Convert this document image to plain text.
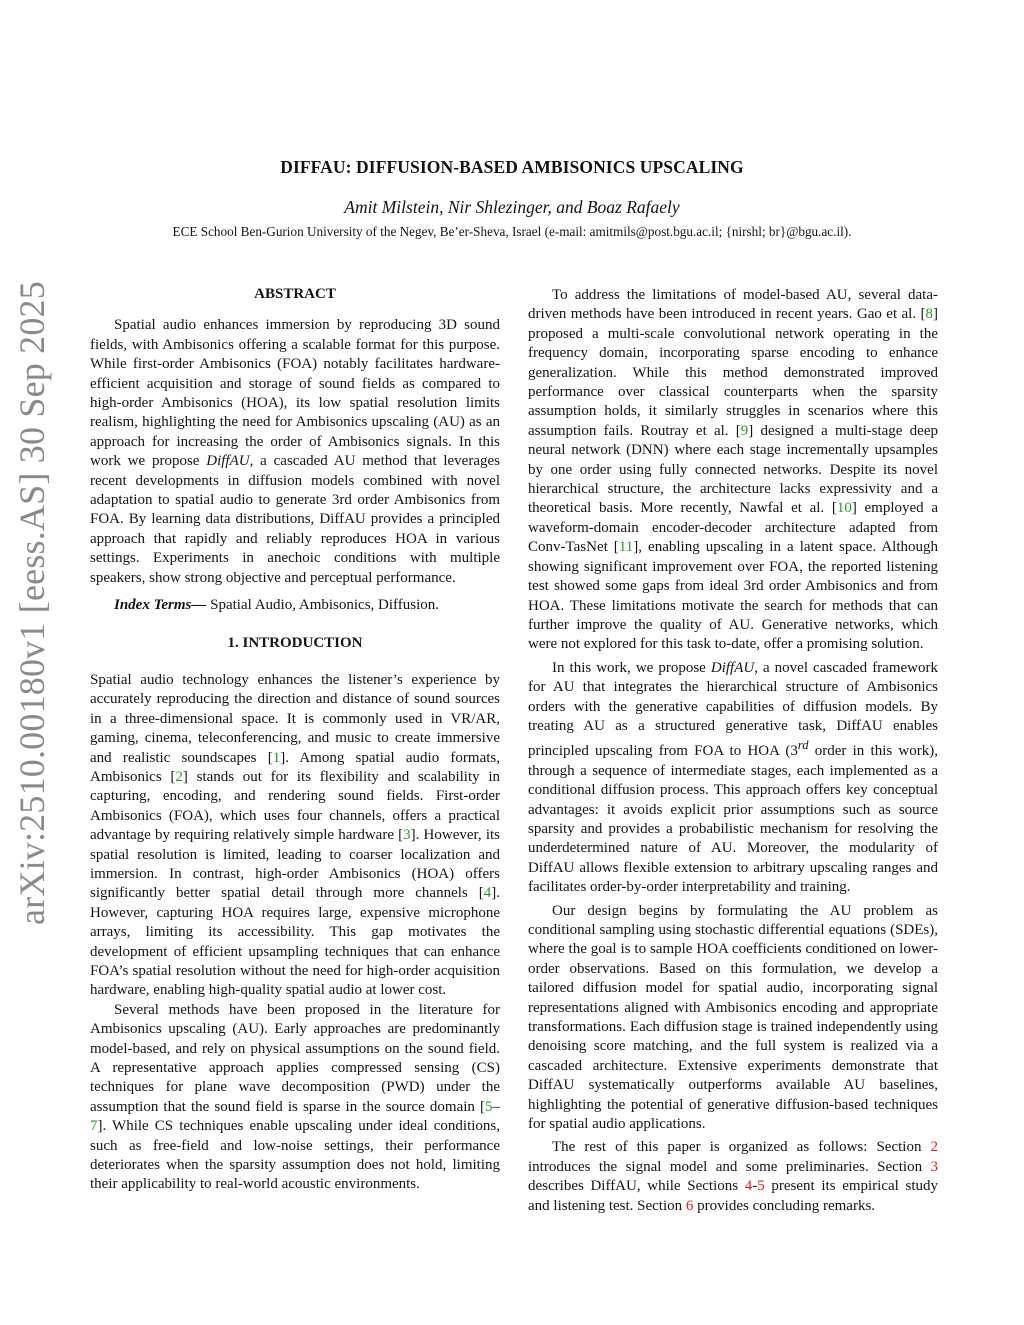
arXiv:2510.00180v1 [eess.AS] 30 Sep 2025
DIFFAU: DIFFUSION-BASED AMBISONICS UPSCALING
Amit Milstein, Nir Shlezinger, and Boaz Rafaely
ECE School Ben-Gurion University of the Negev, Be’er-Sheva, Israel (e-mail: amitmils@post.bgu.ac.il; {nirshl; br}@bgu.ac.il).
ABSTRACT

Spatial audio enhances immersion by reproducing 3D sound fields, with Ambisonics offering a scalable format for this purpose. While first-order Ambisonics (FOA) notably facilitates hardware-efficient acquisition and storage of sound fields as compared to high-order Ambisonics (HOA), its low spatial resolution limits realism, highlighting the need for Ambisonics upscaling (AU) as an approach for increasing the order of Ambisonics signals. In this work we propose DiffAU, a cascaded AU method that leverages recent developments in diffusion models combined with novel adaptation to spatial audio to generate 3rd order Ambisonics from FOA. By learning data distributions, DiffAU provides a principled approach that rapidly and reliably reproduces HOA in various settings. Experiments in anechoic conditions with multiple speakers, show strong objective and perceptual performance.

Index Terms— Spatial Audio, Ambisonics, Diffusion.

1. INTRODUCTION

Spatial audio technology enhances the listener’s experience by accurately reproducing the direction and distance of sound sources in a three-dimensional space. It is commonly used in VR/AR, gaming, cinema, teleconferencing, and music to create immersive and realistic soundscapes [1]. Among spatial audio formats, Ambisonics [2] stands out for its flexibility and scalability in capturing, encoding, and rendering sound fields. First-order Ambisonics (FOA), which uses four channels, offers a practical advantage by requiring relatively simple hardware [3]. However, its spatial resolution is limited, leading to coarser localization and immersion. In contrast, high-order Ambisonics (HOA) offers significantly better spatial detail through more channels [4]. However, capturing HOA requires large, expensive microphone arrays, limiting its accessibility. This gap motivates the development of efficient upsampling techniques that can enhance FOA’s spatial resolution without the need for high-order acquisition hardware, enabling high-quality spatial audio at lower cost.

Several methods have been proposed in the literature for Ambisonics upscaling (AU). Early approaches are predominantly model-based, and rely on physical assumptions on the sound field. A representative approach applies compressed sensing (CS) techniques for plane wave decomposition (PWD) under the assumption that the sound field is sparse in the source domain [5–7]. While CS techniques enable upscaling under ideal conditions, such as free-field and low-noise settings, their performance deteriorates when the sparsity assumption does not hold, limiting their applicability to real-world acoustic environments.

To address the limitations of model-based AU, several data-driven methods have been introduced in recent years. Gao et al. [8] proposed a multi-scale convolutional network operating in the frequency domain, incorporating sparse encoding to enhance generalization. While this method demonstrated improved performance over classical counterparts when the sparsity assumption holds, it similarly struggles in scenarios where this assumption fails. Routray et al. [9] designed a multi-stage deep neural network (DNN) where each stage incrementally upsamples by one order using fully connected networks. Despite its novel hierarchical structure, the architecture lacks expressivity and a theoretical basis. More recently, Nawfal et al. [10] employed a waveform-domain encoder-decoder architecture adapted from Conv-TasNet [11], enabling upscaling in a latent space. Although showing significant improvement over FOA, the reported listening test showed some gaps from ideal 3rd order Ambisonics and from HOA. These limitations motivate the search for methods that can further improve the quality of AU. Generative networks, which were not explored for this task to-date, offer a promising solution.

In this work, we propose DiffAU, a novel cascaded framework for AU that integrates the hierarchical structure of Ambisonics orders with the generative capabilities of diffusion models. By treating AU as a structured generative task, DiffAU enables principled upscaling from FOA to HOA (3rd order in this work), through a sequence of intermediate stages, each implemented as a conditional diffusion process. This approach offers key conceptual advantages: it avoids explicit prior assumptions such as source sparsity and provides a probabilistic mechanism for resolving the underdetermined nature of AU. Moreover, the modularity of DiffAU allows flexible extension to arbitrary upscaling ranges and facilitates order-by-order interpretability and training.

Our design begins by formulating the AU problem as conditional sampling using stochastic differential equations (SDEs), where the goal is to sample HOA coefficients conditioned on lower-order observations. Based on this formulation, we develop a tailored diffusion model for spatial audio, incorporating signal representations aligned with Ambisonics encoding and appropriate transformations. Each diffusion stage is trained independently using denoising score matching, and the full system is realized via a cascaded architecture. Extensive experiments demonstrate that DiffAU systematically outperforms available AU baselines, highlighting the potential of generative diffusion-based techniques for spatial audio applications.

The rest of this paper is organized as follows: Section 2 introduces the signal model and some preliminaries. Section 3 describes DiffAU, while Sections 4-5 present its empirical study and listening test. Section 6 provides concluding remarks.
